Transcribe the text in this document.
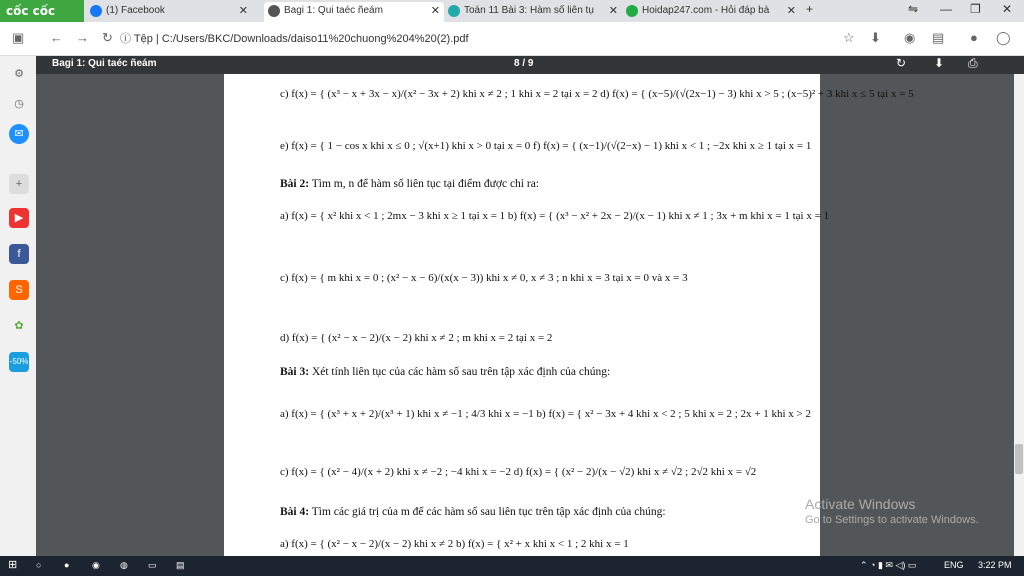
cốc cốc	(1) Facebook	✕	Bagi 1: Qui taéc ñeám	✕	Toán 11 Bài 3: Hàm số liên tụ ✕	Hoidap247.com - Hỏi đáp bà ✕ +	⇋ — ❐ ✕
▣ ← → ↻ ⓘ Tệp | C:/Users/BKC/Downloads/daiso11%20chuong%204%20(2).pdf	☆ ⬇ ◉ ▤ ● ◯
⚙
◷
✉
+
▶
f
S
✿
-50%
Bagi 1: Qui taéc ñeám	8 / 9	↻ ⬇ ⎙
c) f(x) = { (x³ − x + 3x − x)/(x² − 3x + 2) khi x ≠ 2 ; 1 khi x = 2 tại x = 2 d) f(x) = { (x−5)/(√(2x−1) − 3) khi x > 5 ; (x−5)² + 3 khi x ≤ 5 tại x = 5
e) f(x) = { 1 − cos x khi x ≤ 0 ; √(x+1) khi x > 0 tại x = 0 f) f(x) = { (x−1)/(√(2−x) − 1) khi x < 1 ; −2x khi x ≥ 1 tại x = 1
Bài 2: Tìm m, n để hàm số liên tục tại điểm được chỉ ra:
a) f(x) = { x² khi x < 1 ; 2mx − 3 khi x ≥ 1 tại x = 1 b) f(x) = { (x³ − x² + 2x − 2)/(x − 1) khi x ≠ 1 ; 3x + m khi x = 1 tại x = 1
c) f(x) = { m khi x = 0 ; (x² − x − 6)/(x(x − 3)) khi x ≠ 0, x ≠ 3 ; n khi x = 3 tại x = 0 và x = 3
d) f(x) = { (x² − x − 2)/(x − 2) khi x ≠ 2 ; m khi x = 2 tại x = 2
Bài 3: Xét tính liên tục của các hàm số sau trên tập xác định của chúng:
a) f(x) = { (x³ + x + 2)/(x³ + 1) khi x ≠ −1 ; 4/3 khi x = −1 b) f(x) = { x² − 3x + 4 khi x < 2 ; 5 khi x = 2 ; 2x + 1 khi x > 2
c) f(x) = { (x² − 4)/(x + 2) khi x ≠ −2 ; −4 khi x = −2 d) f(x) = { (x² − 2)/(x − √2) khi x ≠ √2 ; 2√2 khi x = √2
Bài 4: Tìm các giá trị của m để các hàm số sau liên tục trên tập xác định của chúng:
a) f(x) = { (x² − x − 2)/(x − 2) khi x ≠ 2 b) f(x) = { x² + x khi x < 1 ; 2 khi x = 1
Activate Windows
Go to Settings to activate Windows.
⊞ ○	●	◉ ◍ ▭ ▤	⌃ ◔ ▮ ✉ ◁) ▭	ENG 3:22 PM
